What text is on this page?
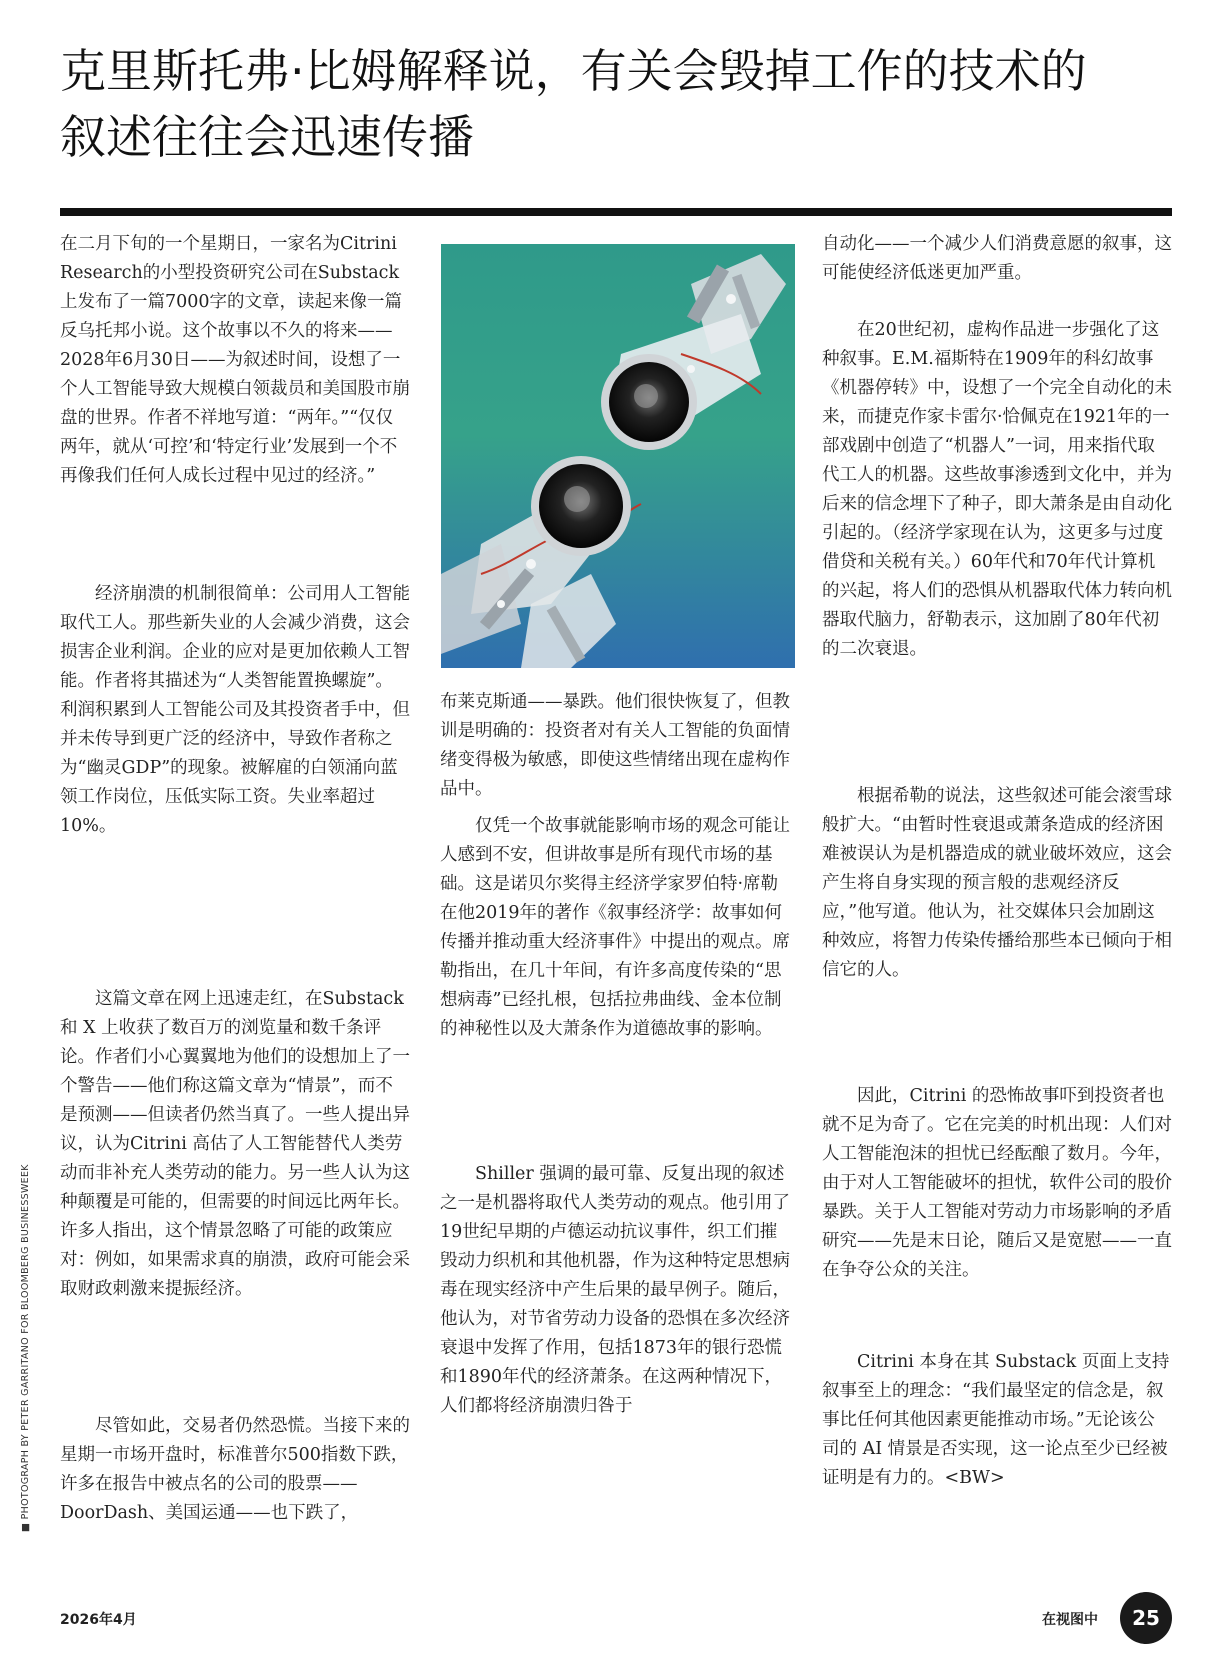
克里斯托弗·比姆解释说，有关会毁掉工作的技术的
叙述往往会迅速传播

在二月下旬的一个星期日，一家名为Citrini Research的小型投资研究公司在Substack上发布了一篇7000字的文章，读起来像一篇反乌托邦小说。这个故事以不久的将来——2028年6月30日——为叙述时间，设想了一个人工智能导致大规模白领裁员和美国股市崩盘的世界。作者不祥地写道：“两年。”“仅仅两年，就从‘可控’和‘特定行业’发展到一个不再像我们任何人成长过程中见过的经济。”

经济崩溃的机制很简单：公司用人工智能取代工人。那些新失业的人会减少消费，这会损害企业利润。企业的应对是更加依赖人工智能。作者将其描述为“人类智能置换螺旋”。利润积累到人工智能公司及其投资者手中，但并未传导到更广泛的经济中，导致作者称之为“幽灵GDP”的现象。被解雇的白领涌向蓝领工作岗位，压低实际工资。失业率超过10%。

这篇文章在网上迅速走红，在Substack 和 X 上收获了数百万的浏览量和数千条评论。作者们小心翼翼地为他们的设想加上了一个警告——他们称这篇文章为“情景”，而不是预测——但读者仍然当真了。一些人提出异议，认为Citrini 高估了人工智能替代人类劳动而非补充人类劳动的能力。另一些人认为这种颠覆是可能的，但需要的时间远比两年长。许多人指出，这个情景忽略了可能的政策应对：例如，如果需求真的崩溃，政府可能会采取财政刺激来提振经济。

尽管如此，交易者仍然恐慌。当接下来的星期一市场开盘时，标准普尔500指数下跌，许多在报告中被点名的公司的股票——DoorDash、美国运通——也下跌了，

布莱克斯通——暴跌。他们很快恢复了，但教训是明确的：投资者对有关人工智能的负面情绪变得极为敏感，即使这些情绪出现在虚构作品中。

仅凭一个故事就能影响市场的观念可能让人感到不安，但讲故事是所有现代市场的基础。这是诺贝尔奖得主经济学家罗伯特·席勒在他2019年的著作《叙事经济学：故事如何传播并推动重大经济事件》中提出的观点。席勒指出，在几十年间，有许多高度传染的“思想病毒”已经扎根，包括拉弗曲线、金本位制的神秘性以及大萧条作为道德故事的影响。

Shiller 强调的最可靠、反复出现的叙述之一是机器将取代人类劳动的观点。他引用了19世纪早期的卢德运动抗议事件，织工们摧毁动力织机和其他机器，作为这种特定思想病毒在现实经济中产生后果的最早例子。随后，他认为，对节省劳动力设备的恐惧在多次经济衰退中发挥了作用，包括1873年的银行恐慌和1890年代的经济萧条。在这两种情况下，人们都将经济崩溃归咎于

自动化——一个减少人们消费意愿的叙事，这可能使经济低迷更加严重。

在20世纪初，虚构作品进一步强化了这种叙事。E.M.福斯特在1909年的科幻故事《机器停转》中，设想了一个完全自动化的未来，而捷克作家卡雷尔·恰佩克在1921年的一部戏剧中创造了“机器人”一词，用来指代取代工人的机器。这些故事渗透到文化中，并为后来的信念埋下了种子，即大萧条是由自动化引起的。（经济学家现在认为，这更多与过度借贷和关税有关。）60年代和70年代计算机的兴起，将人们的恐惧从机器取代体力转向机器取代脑力，舒勒表示，这加剧了80年代初的二次衰退。

根据希勒的说法，这些叙述可能会滚雪球般扩大。“由暂时性衰退或萧条造成的经济困难被误认为是机器造成的就业破坏效应，这会产生将自身实现的预言般的悲观经济反应，”他写道。他认为，社交媒体只会加剧这种效应，将智力传染传播给那些本已倾向于相信它的人。

因此，Citrini 的恐怖故事吓到投资者也就不足为奇了。它在完美的时机出现：人们对人工智能泡沫的担忧已经酝酿了数月。今年，由于对人工智能破坏的担忧，软件公司的股价暴跌。关于人工智能对劳动力市场影响的矛盾研究——先是末日论，随后又是宽慰——一直在争夺公众的关注。

Citrini 本身在其 Substack 页面上支持叙事至上的理念：“我们最坚定的信念是，叙事比任何其他因素更能推动市场。”无论该公司的 AI 情景是否实现，这一论点至少已经被证明是有力的。<BW>

■ PHOTOGRAPH BY PETER GARRITANO FOR BLOOMBERG BUSINESSWEEK
2026年4月	在视图中 25
